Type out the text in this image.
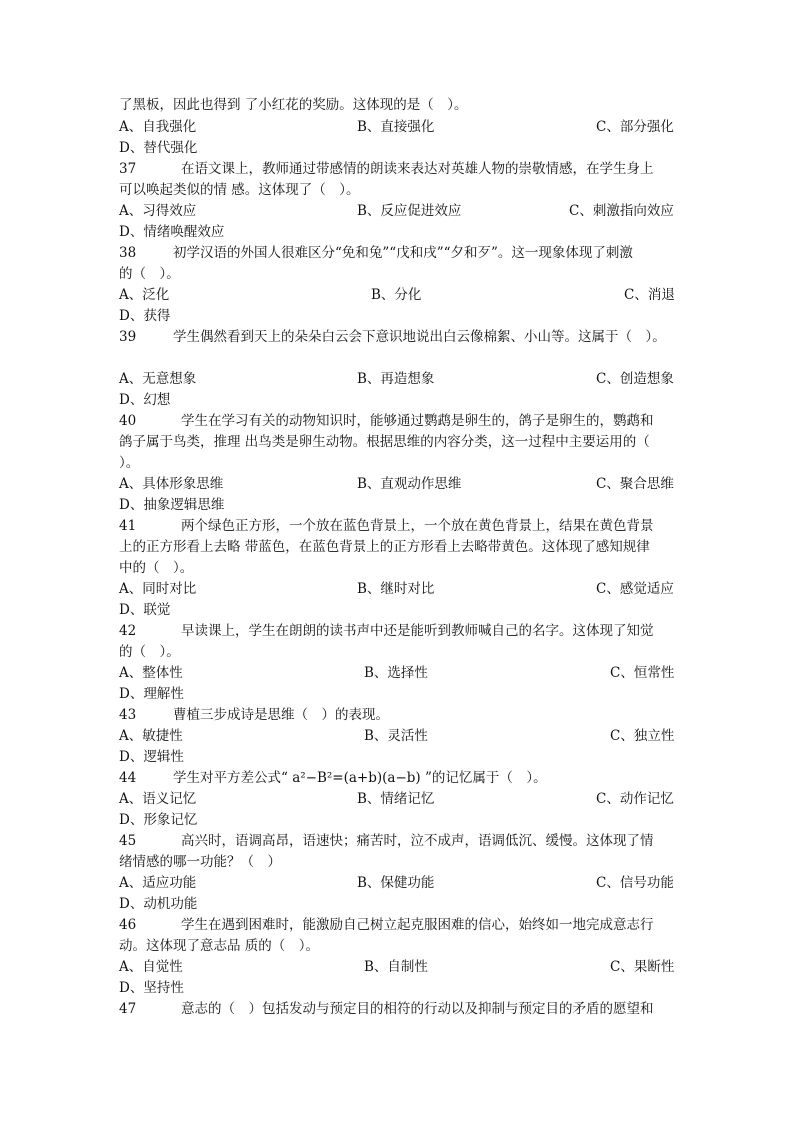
了黑板，因此也得到 了小红花的奖励。这体现的是（　）。
A、自我强化	B、直接强化	C、部分强化
D、替代强化
37	在语文课上，教师通过带感情的朗读来表达对英雄人物的崇敬情感，在学生身上
可以唤起类似的情 感。这体现了（　）。
A、习得效应	B、反应促进效应	C、刺激指向效应
D、情绪唤醒效应
38	初学汉语的外国人很难区分“免和兔”“戊和戌”“夕和歹”。这一现象体现了刺激
的（　）。
A、泛化	B、分化	C、消退
D、获得
39	学生偶然看到天上的朵朵白云会下意识地说出白云像棉絮、小山等。这属于（　）。
A、无意想象	B、再造想象	C、创造想象
D、幻想
40	学生在学习有关的动物知识时，能够通过鹦鹉是卵生的，鸽子是卵生的，鹦鹉和
鸽子属于鸟类，推理 出鸟类是卵生动物。根据思维的内容分类，这一过程中主要运用的（
）。
A、具体形象思维	B、直观动作思维	C、聚合思维
D、抽象逻辑思维
41	两个绿色正方形，一个放在蓝色背景上，一个放在黄色背景上，结果在黄色背景
上的正方形看上去略 带蓝色，在蓝色背景上的正方形看上去略带黄色。这体现了感知规律
中的（　）。
A、同时对比	B、继时对比	C、感觉适应
D、联觉
42	早读课上，学生在朗朗的读书声中还是能听到教师喊自己的名字。这体现了知觉
的（　）。
A、整体性	B、选择性	C、恒常性
D、理解性
43	曹植三步成诗是思维（　）的表现。
A、敏捷性	B、灵活性	C、独立性
D、逻辑性
44	学生对平方差公式“ a²−B²=(a+b)(a−b) ”的记忆属于（　）。
A、语义记忆	B、情绪记忆	C、动作记忆
D、形象记忆
45	高兴时，语调高昂，语速快；痛苦时，泣不成声，语调低沉、缓慢。这体现了情
绪情感的哪一功能？（　）
A、适应功能	B、保健功能	C、信号功能
D、动机功能
46	学生在遇到困难时，能激励自己树立起克服困难的信心，始终如一地完成意志行
动。这体现了意志品 质的（　）。
A、自觉性	B、自制性	C、果断性
D、坚持性
47	意志的（　）包括发动与预定目的相符的行动以及抑制与预定目的矛盾的愿望和
